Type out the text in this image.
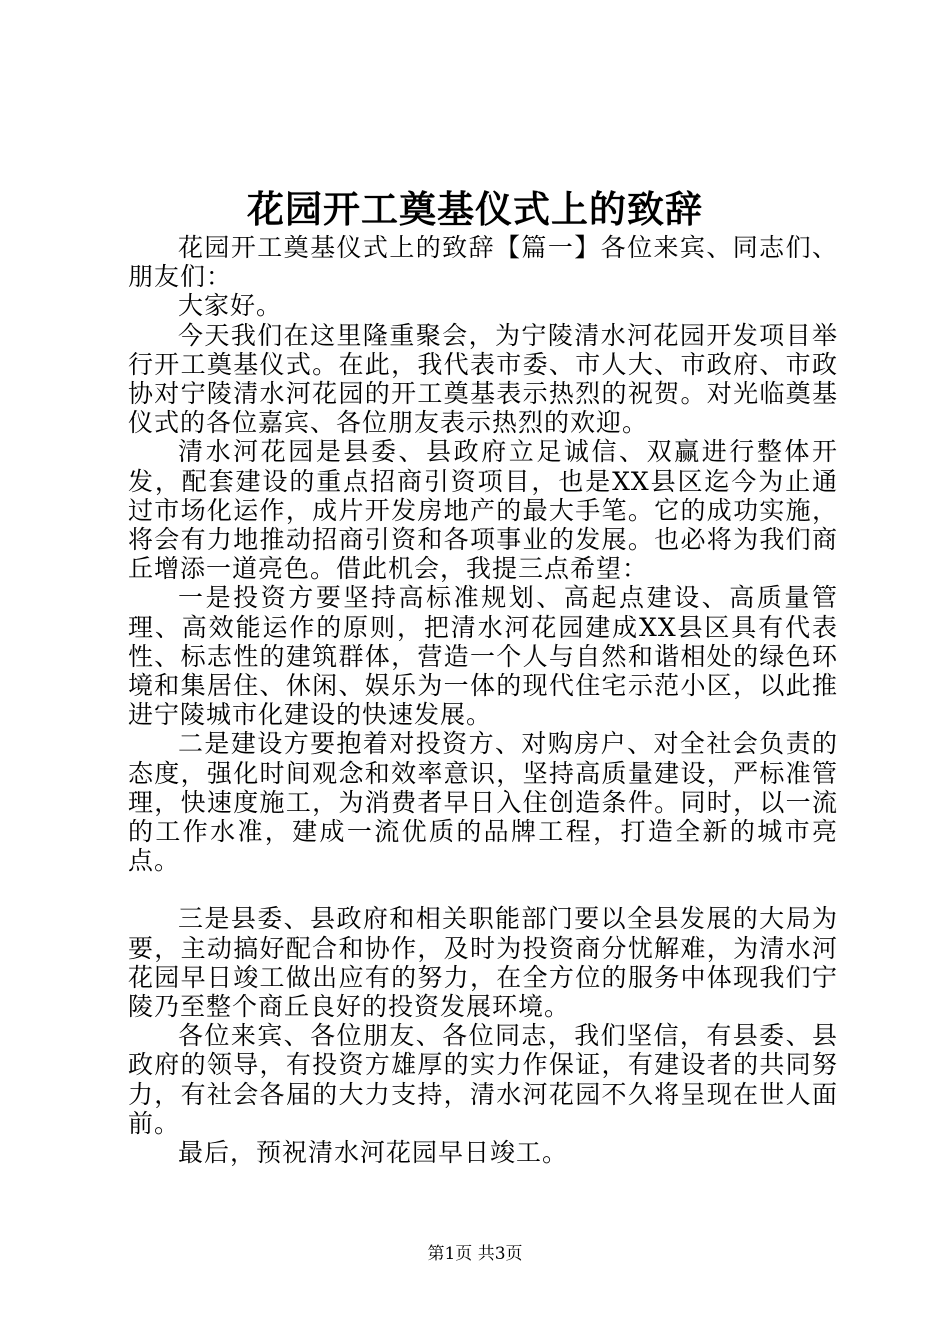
花园开工奠基仪式上的致辞

花园开工奠基仪式上的致辞【篇一】各位来宾、同志们、朋友们：

大家好。

今天我们在这里隆重聚会，为宁陵清水河花园开发项目举行开工奠基仪式。在此，我代表市委、市人大、市政府、市政协对宁陵清水河花园的开工奠基表示热烈的祝贺。对光临奠基仪式的各位嘉宾、各位朋友表示热烈的欢迎。

清水河花园是县委、县政府立足诚信、双赢进行整体开发，配套建设的重点招商引资项目，也是XX县区迄今为止通过市场化运作，成片开发房地产的最大手笔。它的成功实施，将会有力地推动招商引资和各项事业的发展。也必将为我们商丘增添一道亮色。借此机会，我提三点希望：

一是投资方要坚持高标准规划、高起点建设、高质量管理、高效能运作的原则，把清水河花园建成XX县区具有代表性、标志性的建筑群体，营造一个人与自然和谐相处的绿色环境和集居住、休闲、娱乐为一体的现代住宅示范小区，以此推进宁陵城市化建设的快速发展。

二是建设方要抱着对投资方、对购房户、对全社会负责的态度，强化时间观念和效率意识，坚持高质量建设，严标准管理，快速度施工，为消费者早日入住创造条件。同时，以一流的工作水准，建成一流优质的品牌工程，打造全新的城市亮点。

三是县委、县政府和相关职能部门要以全县发展的大局为要，主动搞好配合和协作，及时为投资商分忧解难，为清水河花园早日竣工做出应有的努力，在全方位的服务中体现我们宁陵乃至整个商丘良好的投资发展环境。

各位来宾、各位朋友、各位同志，我们坚信，有县委、县政府的领导，有投资方雄厚的实力作保证，有建设者的共同努力，有社会各届的大力支持，清水河花园不久将呈现在世人面前。

最后，预祝清水河花园早日竣工。

第1页 共3页
